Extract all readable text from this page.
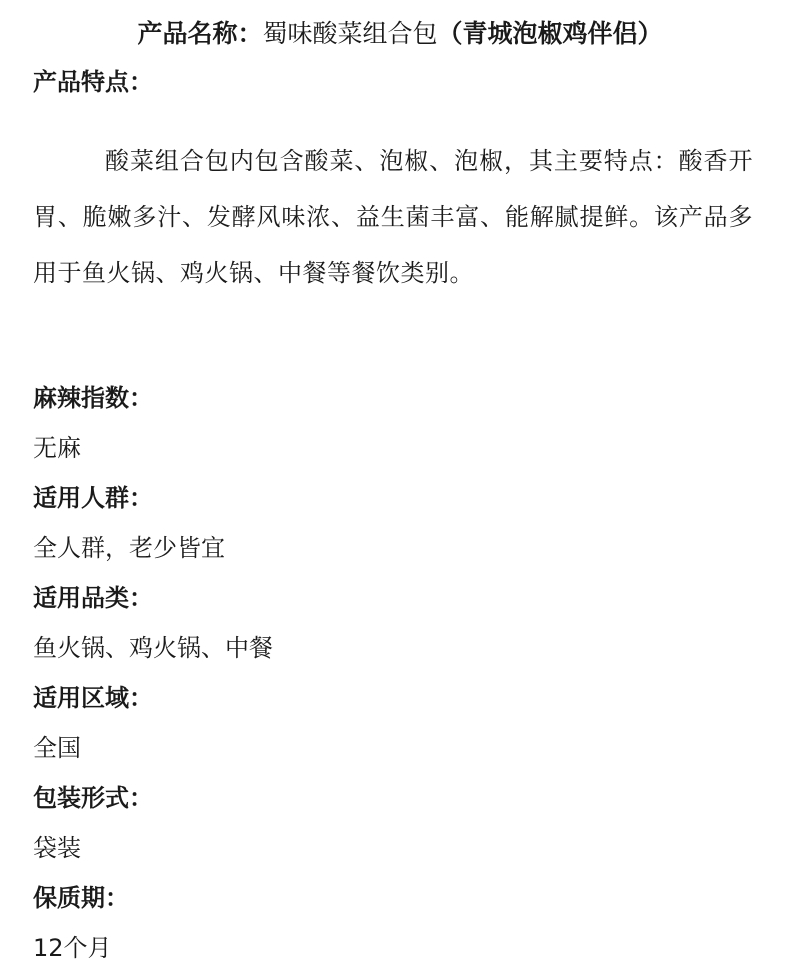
产品名称：蜀味酸菜组合包（青城泡椒鸡伴侣）
产品特点：

酸菜组合包内包含酸菜、泡椒、泡椒，其主要特点：酸香开胃、脆嫩多汁、发酵风味浓、益生菌丰富、能解腻提鲜。该产品多用于鱼火锅、鸡火锅、中餐等餐饮类别。

麻辣指数：
无麻
适用人群：
全人群，老少皆宜
适用品类：
鱼火锅、鸡火锅、中餐
适用区域：
全国
包装形式：
袋装
保质期：
12个月
